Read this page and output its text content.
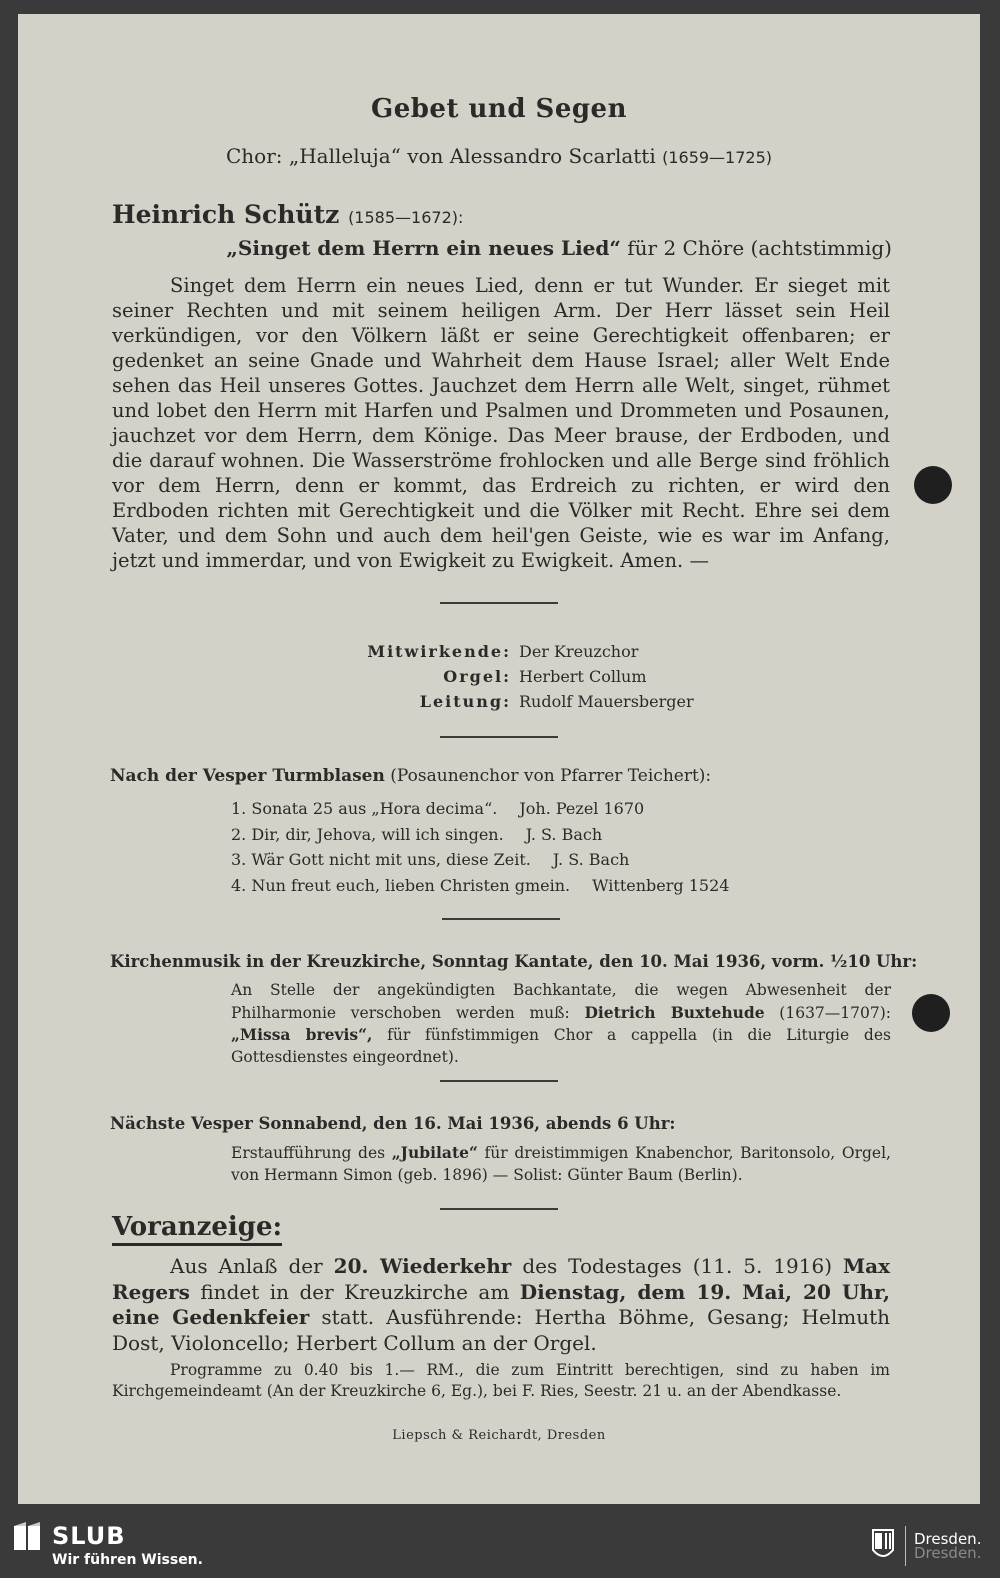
Gebet und Segen
Chor: „Halleluja“ von Alessandro Scarlatti (1659—1725)
Heinrich Schütz (1585—1672):
„Singet dem Herrn ein neues Lied“ für 2 Chöre (achtstimmig)
Singet dem Herrn ein neues Lied, denn er tut Wunder. Er sieget mit seiner Rechten und mit seinem heiligen Arm. Der Herr lässet sein Heil verkündigen, vor den Völkern läßt er seine Gerechtigkeit offenbaren; er gedenket an seine Gnade und Wahrheit dem Hause Israel; aller Welt Ende sehen das Heil unseres Gottes. Jauchzet dem Herrn alle Welt, singet, rühmet und lobet den Herrn mit Harfen und Psalmen und Drommeten und Posaunen, jauchzet vor dem Herrn, dem Könige. Das Meer brause, der Erdboden, und die darauf wohnen. Die Wasserströme frohlocken und alle Berge sind fröhlich vor dem Herrn, denn er kommt, das Erdreich zu richten, er wird den Erdboden richten mit Gerechtigkeit und die Völker mit Recht. Ehre sei dem Vater, und dem Sohn und auch dem heil'gen Geiste, wie es war im Anfang, jetzt und immerdar, und von Ewigkeit zu Ewigkeit. Amen. —
Mitwirkende: Der Kreuzchor
Orgel: Herbert Collum
Leitung: Rudolf Mauersberger
Nach der Vesper Turmblasen (Posaunenchor von Pfarrer Teichert):
1. Sonata 25 aus „Hora decima“. Joh. Pezel 1670
2. Dir, dir, Jehova, will ich singen. J. S. Bach
3. Wär Gott nicht mit uns, diese Zeit. J. S. Bach
4. Nun freut euch, lieben Christen gmein. Wittenberg 1524
Kirchenmusik in der Kreuzkirche, Sonntag Kantate, den 10. Mai 1936, vorm. ½10 Uhr:
An Stelle der angekündigten Bachkantate, die wegen Abwesenheit der Philharmonie verschoben werden muß: Dietrich Buxtehude (1637—1707): „Missa brevis“, für fünfstimmigen Chor a cappella (in die Liturgie des Gottesdienstes eingeordnet).
Nächste Vesper Sonnabend, den 16. Mai 1936, abends 6 Uhr:
Erstaufführung des „Jubilate“ für dreistimmigen Knabenchor, Baritonsolo, Orgel, von Hermann Simon (geb. 1896) — Solist: Günter Baum (Berlin).
Voranzeige:
Aus Anlaß der 20. Wiederkehr des Todestages (11. 5. 1916) Max Regers findet in der Kreuzkirche am Dienstag, dem 19. Mai, 20 Uhr, eine Gedenkfeier statt. Ausführende: Hertha Böhme, Gesang; Helmuth Dost, Violoncello; Herbert Collum an der Orgel.
Programme zu 0.40 bis 1.— RM., die zum Eintritt berechtigen, sind zu haben im Kirchgemeindeamt (An der Kreuzkirche 6, Eg.), bei F. Ries, Seestr. 21 u. an der Abendkasse.
Liepsch & Reichardt, Dresden
SLUB
Wir führen Wissen.
Dresden.
Dresden.
